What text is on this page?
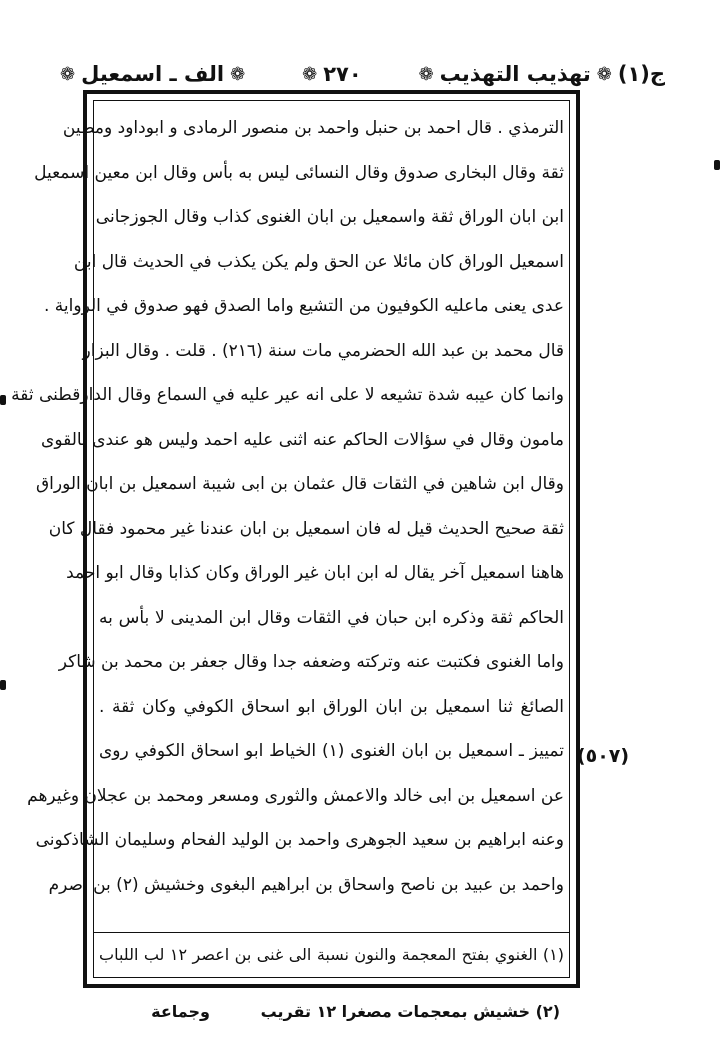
ج(١)
❁
تهذيب التهذيب
❁
٢٧٠
❁
❁
الف ـ اسمعيل
❁
الترمذي . قال احمد بن حنبل واحمد بن منصور الرمادی و ابوداود ومطين
ثقة وقال البخاری صدوق وقال النسائی لیس به بأس وقال ابن معين اسمعيل
ابن ابان الوراق ثقة واسمعيل بن ابان الغنوی كذاب وقال الجوزجانی
اسمعيل الوراق كان مائلا عن الحق ولم يكن يكذب في الحديث قال ابن
عدی يعنی ماعليه الكوفيون من التشيع واما الصدق فهو صدوق في الرواية .
قال محمد بن عبد الله الحضرمي مات سنة (٢١٦) . قلت . وقال البزار
وانما كان عيبه شدة تشيعه لا على انه عير عليه في السماع وقال الدارقطنی ثقة
مامون وقال في سؤالات الحاكم عنه اثنى عليه احمد وليس هو عندی بالقوی
وقال ابن شاهين في الثقات قال عثمان بن ابی شيبة اسمعيل بن ابان الوراق
ثقة صحيح الحديث قيل له فان اسمعيل بن ابان عندنا غير محمود فقال كان
هاهنا اسمعيل آخر يقال له ابن ابان غير الوراق وكان كذابا وقال ابو احمد
الحاكم ثقة وذكره ابن حبان في الثقات وقال ابن المدينی لا بأس به
واما الغنوی فكتبت عنه وتركته وضعفه جدا وقال جعفر بن محمد بن شاكر
الصائغ ثنا اسمعيل بن ابان الوراق ابو اسحاق الكوفي وكان ثقة .
تمييز ـ اسمعيل بن ابان الغنوی (١) الخياط ابو اسحاق الكوفي روى
عن اسمعيل بن ابی خالد والاعمش والثوری ومسعر ومحمد بن عجلان وغيرهم
وعنه ابراهيم بن سعيد الجوهری واحمد بن الوليد الفحام وسليمان الشاذكونی
واحمد بن عبيد بن ناصح واسحاق بن ابراهيم البغوی وخشيش (٢) بن اصرم
(١) الغنوي بفتح المعجمة والنون نسبة الى غنى بن اعصر ١٢ لب اللباب
(٥٠٧)
(٢) خشيش بمعجمات مصغرا ١٢ تقريب
وجماعة
